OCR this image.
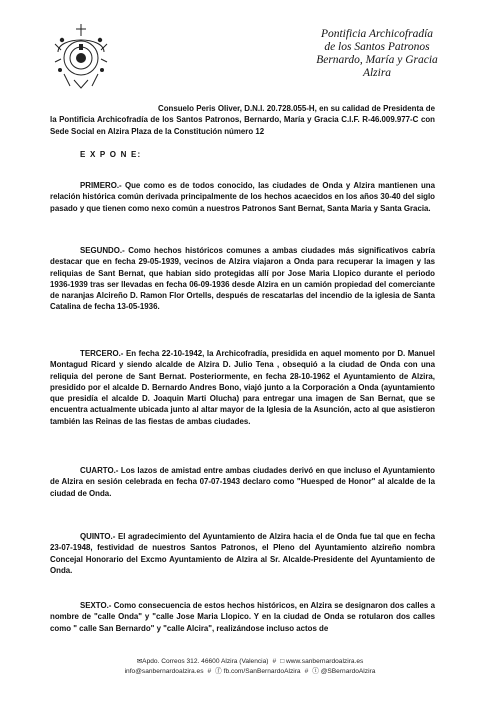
Pontificia Archicofradía
de los Santos Patronos
Bernardo, María y Gracia
Alzira

Consuelo Peris Oliver, D.N.I. 20.728.055-H, en su calidad de Presidenta de la Pontificia Archicofradía de los Santos Patronos, Bernardo, María y Gracia C.I.F. R-46.009.977-C con Sede Social en Alzira Plaza de la Constitución número 12

E X P O N E:

PRIMERO.- Que como es de todos conocido, las ciudades de Onda y Alzira mantienen una relación histórica común derivada principalmente de los hechos acaecidos en los años 30-40 del siglo pasado y que tienen como nexo común a nuestros Patronos Sant Bernat, Santa Maria y Santa Gracia.

SEGUNDO.- Como hechos históricos comunes a ambas ciudades más significativos cabría destacar que en fecha 29-05-1939, vecinos de Alzira viajaron a Onda para recuperar la imagen y las reliquias de Sant Bernat, que habian sido protegidas allí por Jose Maria Llopico durante el periodo 1936-1939 tras ser llevadas en fecha 06-09-1936 desde Alzira en un camión propiedad del comerciante de naranjas Alcireño D. Ramon Flor Ortells, después de rescatarlas del incendio de la iglesia de Santa Catalina de fecha 13-05-1936.

TERCERO.- En fecha 22-10-1942, la Archicofradía, presidida en aquel momento por D. Manuel Montagud Ricard y siendo alcalde de Alzira D. Julio Tena , obsequió a la ciudad de Onda con una reliquia del perone de Sant Bernat. Posteriormente, en fecha 28-10-1962 el Ayuntamiento de Alzira, presidido por el alcalde D. Bernardo Andres Bono, viajó junto a la Corporación a Onda (ayuntamiento que presidía el alcalde D. Joaquin Marti Olucha) para entregar una imagen de San Bernat, que se encuentra actualmente ubicada junto al altar mayor de la Iglesia de la Asunción, acto al que asistieron también las Reinas de las fiestas de ambas ciudades.

CUARTO.- Los lazos de amistad entre ambas ciudades derivó en que incluso el Ayuntamiento de Alzira en sesión celebrada en fecha 07-07-1943 declaro como "Huesped de Honor" al alcalde de la ciudad de Onda.

QUINTO.- El agradecimiento del Ayuntamiento de Alzira hacia el de Onda fue tal que en fecha 23-07-1948, festividad de nuestros Santos Patronos, el Pleno del Ayuntamiento alzireño nombra Concejal Honorario del Excmo Ayuntamiento de Alzira al Sr. Alcalde-Presidente del Ayuntamiento de Onda.

SEXTO.- Como consecuencia de estos hechos históricos, en Alzira se designaron dos calles a nombre de "calle Onda" y "calle Jose Maria Llopico. Y en la ciudad de Onda se rotularon dos calles como " calle San Bernardo" y "calle Alcira", realizándose incluso actos de

✉Apdo. Correos 312. 46600 Alzira (Valencia) # □ www.sanbernardoalzira.es
info@sanbernardoalzira.es # ⓕ fb.com/SanBernardoAlzira # ⓣ @SBernardoAlzira
